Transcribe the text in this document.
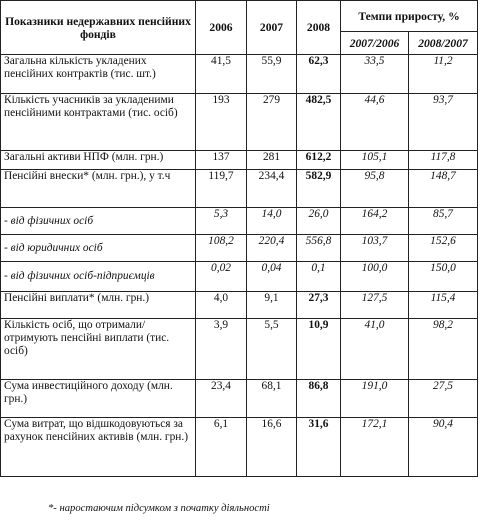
Показники недержавних пенсійних фондів	2006	2007	2008	Темпи приросту, %	
				2007/2006	2008/2007
Загальна кількість укладених пенсійних контрактів (тис. шт.)	41,5	55,9	62,3	33,5	11,2
Кількість учасників за укладеними пенсійними контрактами (тис. осіб)	193	279	482,5	44,6	93,7
Загальні активи НПФ (млн. грн.)	137	281	612,2	105,1	117,8
Пенсійні внески* (млн. грн.), у т.ч	119,7	234,4	582,9	95,8	148,7
- від фізичних осіб	5,3	14,0	26,0	164,2	85,7
- від юридичних осіб	108,2	220,4	556,8	103,7	152,6
- від фізичних осіб-підприємців	0,02	0,04	0,1	100,0	150,0
Пенсійні виплати* (млн. грн.)	4,0	9,1	27,3	127,5	115,4
Кількість осіб, що отримали/ отримують пенсійні виплати (тис. осіб)	3,9	5,5	10,9	41,0	98,2
Сума инвестиційного доходу (млн. грн.)	23,4	68,1	86,8	191,0	27,5
Сума витрат, що відшкодовуються за рахунок пенсійних активів (млн. грн.)	6,1	16,6	31,6	172,1	90,4
*- наростаючим підсумком з початку діяльності
